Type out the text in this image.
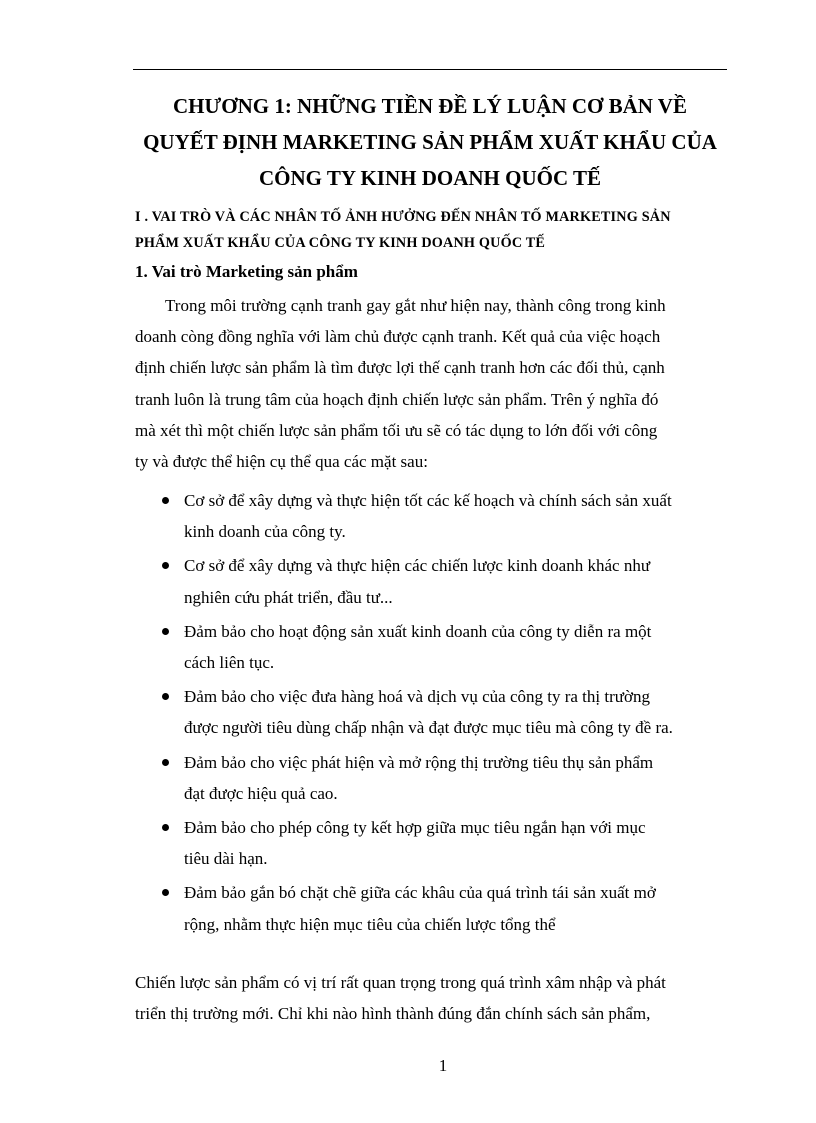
CHƯƠNG 1: NHỮNG TIỀN ĐỀ LÝ LUẬN CƠ BẢN VỀ
QUYẾT ĐỊNH MARKETING SẢN PHẨM XUẤT KHẨU CỦA
CÔNG TY KINH DOANH QUỐC TẾ
I . VAI TRÒ VÀ CÁC NHÂN TỐ ẢNH HƯỞNG ĐẾN NHÂN TỐ MARKETING SẢN
PHẨM XUẤT KHẨU CỦA CÔNG TY KINH DOANH QUỐC TẾ
1. Vai trò Marketing sản phẩm

Trong môi trường cạnh tranh gay gắt như hiện nay, thành công trong kinh
doanh còng đồng nghĩa với làm chủ được cạnh tranh. Kết quả của việc hoạch
định chiến lược sản phẩm là tìm được lợi thế cạnh tranh hơn các đối thủ, cạnh
tranh luôn là trung tâm của hoạch định chiến lược sản phẩm. Trên ý nghĩa đó
mà xét thì một chiến lược sản phẩm tối ưu sẽ có tác dụng to lớn đối với công
ty và được thể hiện cụ thể qua các mặt sau:

Cơ sở để xây dựng và thực hiện tốt các kế hoạch và chính sách sản xuất
kinh doanh của công ty.
Cơ sở để xây dựng và thực hiện các chiến lược kinh doanh khác như
nghiên cứu phát triển, đầu tư...
Đảm bảo cho hoạt động sản xuất kinh doanh của công ty diễn ra một
cách liên tục.
Đảm bảo cho việc đưa hàng hoá và dịch vụ của công ty ra thị trường
được người tiêu dùng chấp nhận và đạt được mục tiêu mà công ty đề ra.
Đảm bảo cho việc phát hiện và mở rộng thị trường tiêu thụ sản phẩm
đạt được hiệu quả cao.
Đảm bảo cho phép công ty kết hợp giữa mục tiêu ngắn hạn với mục
tiêu dài hạn.
Đảm bảo gắn bó chặt chẽ giữa các khâu của quá trình tái sản xuất mở
rộng, nhằm thực hiện mục tiêu của chiến lược tổng thể

Chiến lược sản phẩm có vị trí rất quan trọng trong quá trình xâm nhập và phát
triển thị trường mới. Chỉ khi nào hình thành đúng đắn chính sách sản phẩm,

1
